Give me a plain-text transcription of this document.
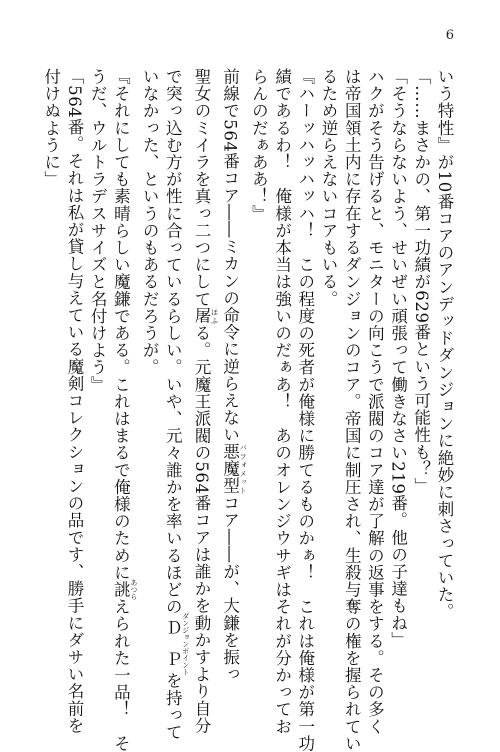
6
いう特性』が10番コアのアンデッドダンジョンに絶妙に刺さっていた。
「……まさかの、第一功績が629番という可能性も？」
「そうならないよう、せいぜい頑張って働きなさい219番。他の子達もね」
ハクがそう告げると、モニターの向こうで派閥のコア達が了解の返事をする。その多く
は帝国領土内に存在するダンジョンのコア。帝国に制圧され、生殺与奪の権を握られてい
るため逆らえないコアもいる。
『ハーッハッハッハ！　この程度の死者が俺様に勝てるものかぁ！　これは俺様が第一功
績であるわ！　俺様が本当は強いのだぁあ！　あのオレンジウサギはそれが分かってお
らんのだぁああ！』
前線で564番コア――ミカンの命令に逆らえない悪魔型 バフォメットコア――が、大鎌を振っ
聖女のミイラを真っ二つにして屠 ほふる。元魔王派閥の564番コアは誰かを動かすより自分
で突っ込む方が性に合っているらしい。いや、元々誰かを率いるほどのＤＰ ダンジョンポイントを持って
いなかった、というのもあるだろうが。
『それにしても素晴らしい魔鎌である。これはまるで俺様のために誂 あつらえられた一品！　そ
うだ、ウルトラデスサイズと名付けよう』
「564番。それは私が貸し与えている魔剣コレクションの品です、勝手にダサい名前を
付けぬように」
